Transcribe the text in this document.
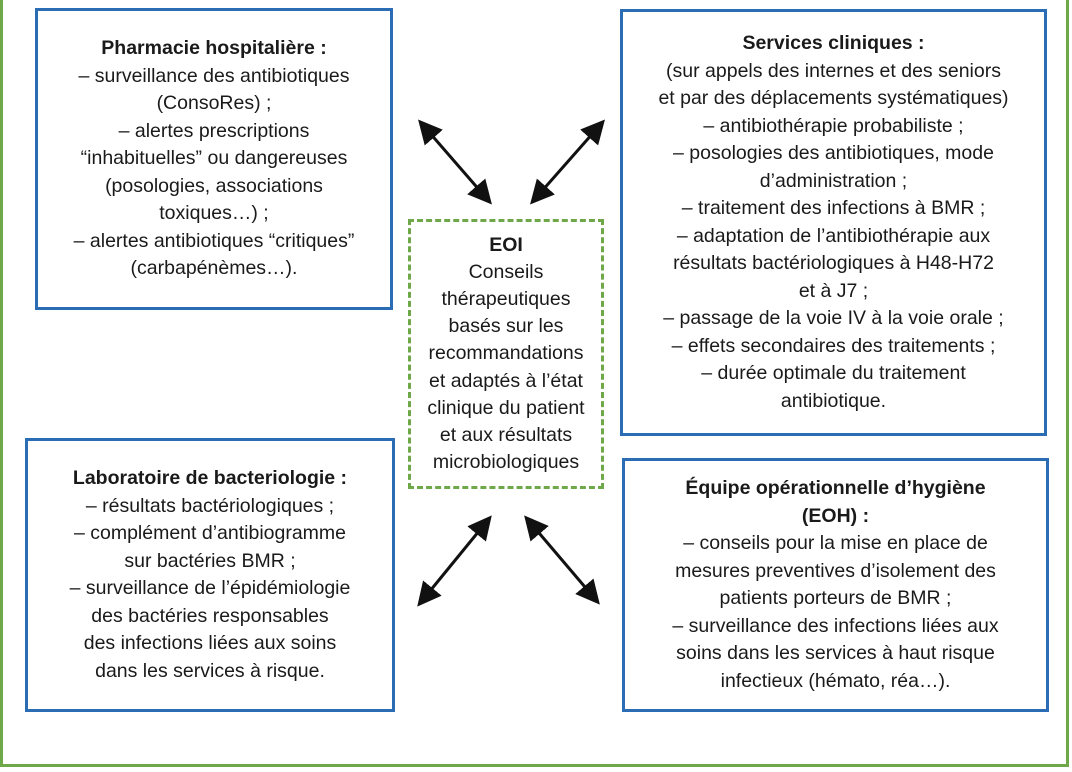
Pharmacie hospitalière :
– surveillance des antibiotiques
(ConsoRes) ;
– alertes prescriptions
“inhabituelles” ou dangereuses
(posologies, associations
toxiques…) ;
– alertes antibiotiques “critiques”
(carbapénèmes…).
Services cliniques :
(sur appels des internes et des seniors
et par des déplacements systématiques)
– antibiothérapie probabiliste ;
– posologies des antibiotiques, mode
d’administration ;
– traitement des infections à BMR ;
– adaptation de l’antibiothérapie aux
résultats bactériologiques à H48-H72
et à J7 ;
– passage de la voie IV à la voie orale ;
– effets secondaires des traitements ;
– durée optimale du traitement
antibiotique.
EOI
Conseils
thérapeutiques
basés sur les
recommandations
et adaptés à l’état
clinique du patient
et aux résultats
microbiologiques
Laboratoire de bacteriologie :
– résultats bactériologiques ;
– complément d’antibiogramme
sur bactéries BMR ;
– surveillance de l’épidémiologie
des bactéries responsables
des infections liées aux soins
dans les services à risque.
Équipe opérationnelle d’hygiène
(EOH) :
– conseils pour la mise en place de
mesures preventives d’isolement des
patients porteurs de BMR ;
– surveillance des infections liées aux
soins dans les services à haut risque
infectieux (hémato, réa…).
